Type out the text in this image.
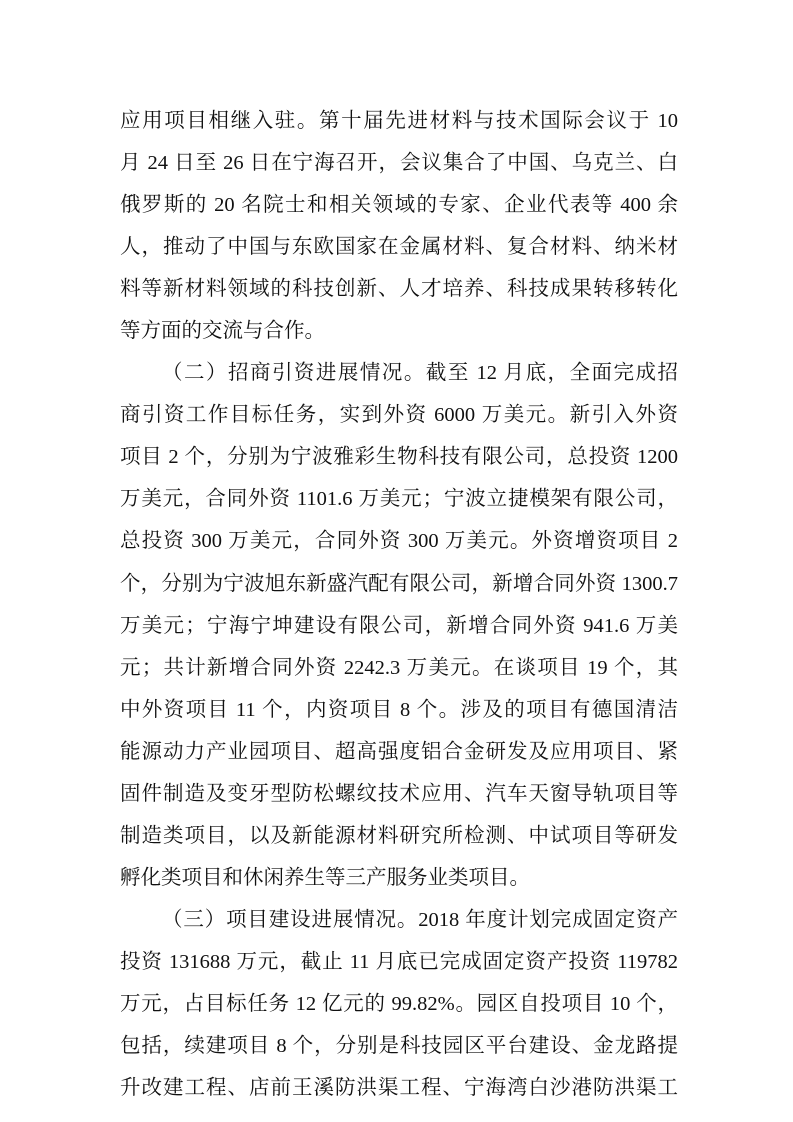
应用项目相继入驻。第十届先进材料与技术国际会议于 10
月 24 日至 26 日在宁海召开，会议集合了中国、乌克兰、白
俄罗斯的 20 名院士和相关领域的专家、企业代表等 400 余
人，推动了中国与东欧国家在金属材料、复合材料、纳米材
料等新材料领域的科技创新、人才培养、科技成果转移转化
等方面的交流与合作。
（二）招商引资进展情况。截至 12 月底，全面完成招
商引资工作目标任务，实到外资 6000 万美元。新引入外资
项目 2 个，分别为宁波雅彩生物科技有限公司，总投资 1200
万美元，合同外资 1101.6 万美元；宁波立捷模架有限公司，
总投资 300 万美元，合同外资 300 万美元。外资增资项目 2
个，分别为宁波旭东新盛汽配有限公司，新增合同外资 1300.7
万美元；宁海宁坤建设有限公司，新增合同外资 941.6 万美
元；共计新增合同外资 2242.3 万美元。在谈项目 19 个，其
中外资项目 11 个，内资项目 8 个。涉及的项目有德国清洁
能源动力产业园项目、超高强度铝合金研发及应用项目、紧
固件制造及变牙型防松螺纹技术应用、汽车天窗导轨项目等
制造类项目，以及新能源材料研究所检测、中试项目等研发
孵化类项目和休闲养生等三产服务业类项目。
（三）项目建设进展情况。2018 年度计划完成固定资产
投资 131688 万元，截止 11 月底已完成固定资产投资 119782
万元，占目标任务 12 亿元的 99.82%。园区自投项目 10 个，
包括，续建项目 8 个，分别是科技园区平台建设、金龙路提
升改建工程、店前王溪防洪渠工程、宁海湾白沙港防洪渠工
